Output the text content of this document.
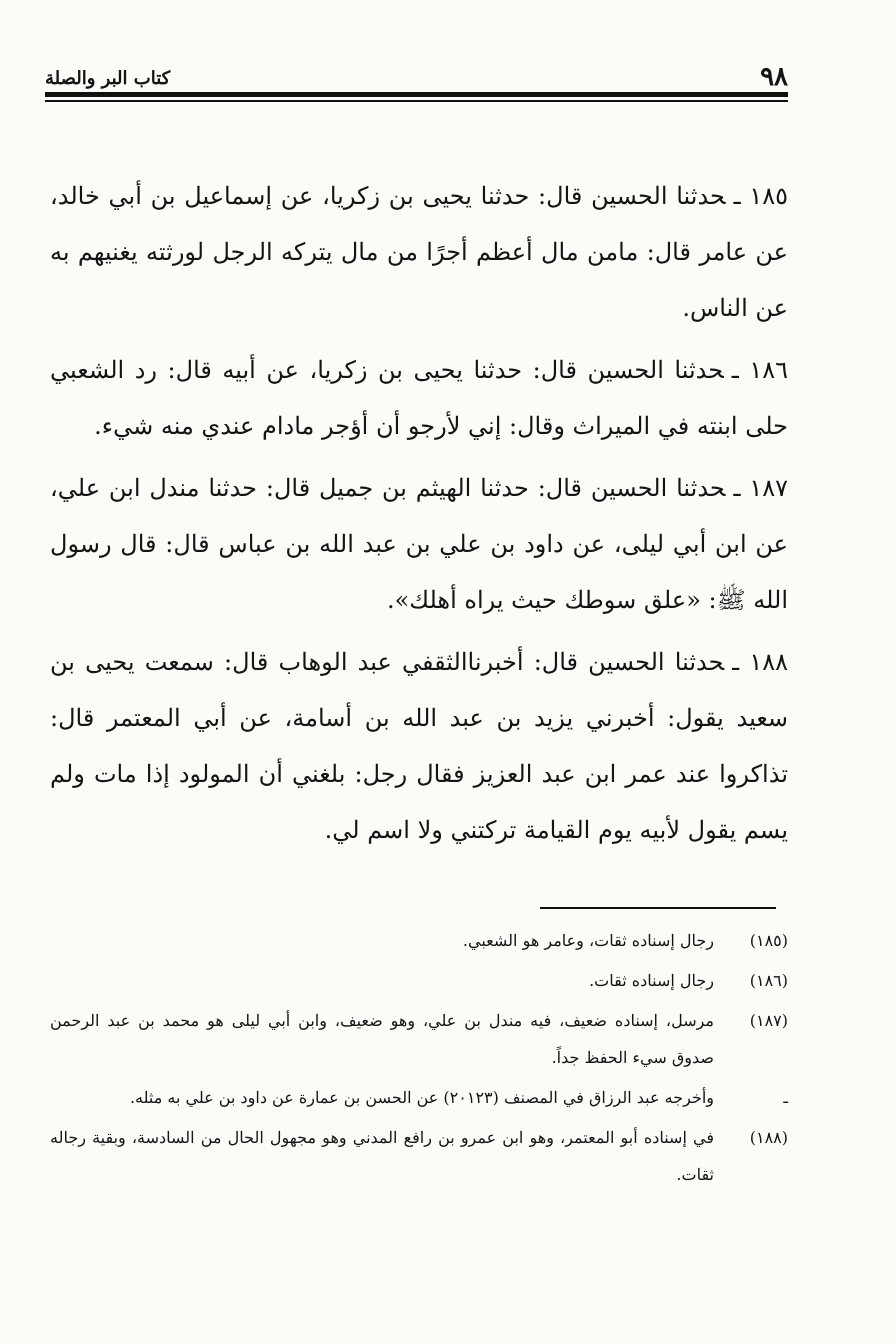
٩٨
كتاب البر والصلة

١٨٥ ـحدثنا الحسين قال: حدثنا يحيى بن زكريا، عن إسماعيل بن أبي خالد، عن عامر قال: مامن مال أعظم أجرًا من مال يتركه الرجل لورثته يغنيهم به عن الناس.

١٨٦ ـحدثنا الحسين قال: حدثنا يحيى بن زكريا، عن أبيه قال: رد الشعبي حلى ابنته في الميراث وقال: إني لأرجو أن أؤجر مادام عندي منه شيء.

١٨٧ ـحدثنا الحسين قال: حدثنا الهيثم بن جميل قال: حدثنا مندل ابن علي، عن ابن أبي ليلى، عن داود بن علي بن عبد الله بن عباس قال: قال رسول الله ﷺ: «علق سوطك حيث يراه أهلك».

١٨٨ ـحدثنا الحسين قال: أخبرناالثقفي عبد الوهاب قال: سمعت يحيى بن سعيد يقول: أخبرني يزيد بن عبد الله بن أسامة، عن أبي المعتمر قال: تذاكروا عند عمر ابن عبد العزيز فقال رجل: بلغني أن المولود إذا مات ولم يسم يقول لأبيه يوم القيامة تركتني ولا اسم لي.

(١٨٥)
رجال إسناده ثقات، وعامر هو الشعبي.
(١٨٦)
رجال إسناده ثقات.
(١٨٧)
مرسل، إسناده ضعيف، فيه مندل بن علي، وهو ضعيف، وابن أبي ليلى هو محمد بن عبد الرحمن صدوق سيء الحفظ جداً.
ـ
وأخرجه عبد الرزاق في المصنف (٢٠١٢٣) عن الحسن بن عمارة عن داود بن علي به مثله.
(١٨٨)
في إسناده أبو المعتمر، وهو ابن عمرو بن رافع المدني وهو مجهول الحال من السادسة، وبقية رجاله ثقات.
